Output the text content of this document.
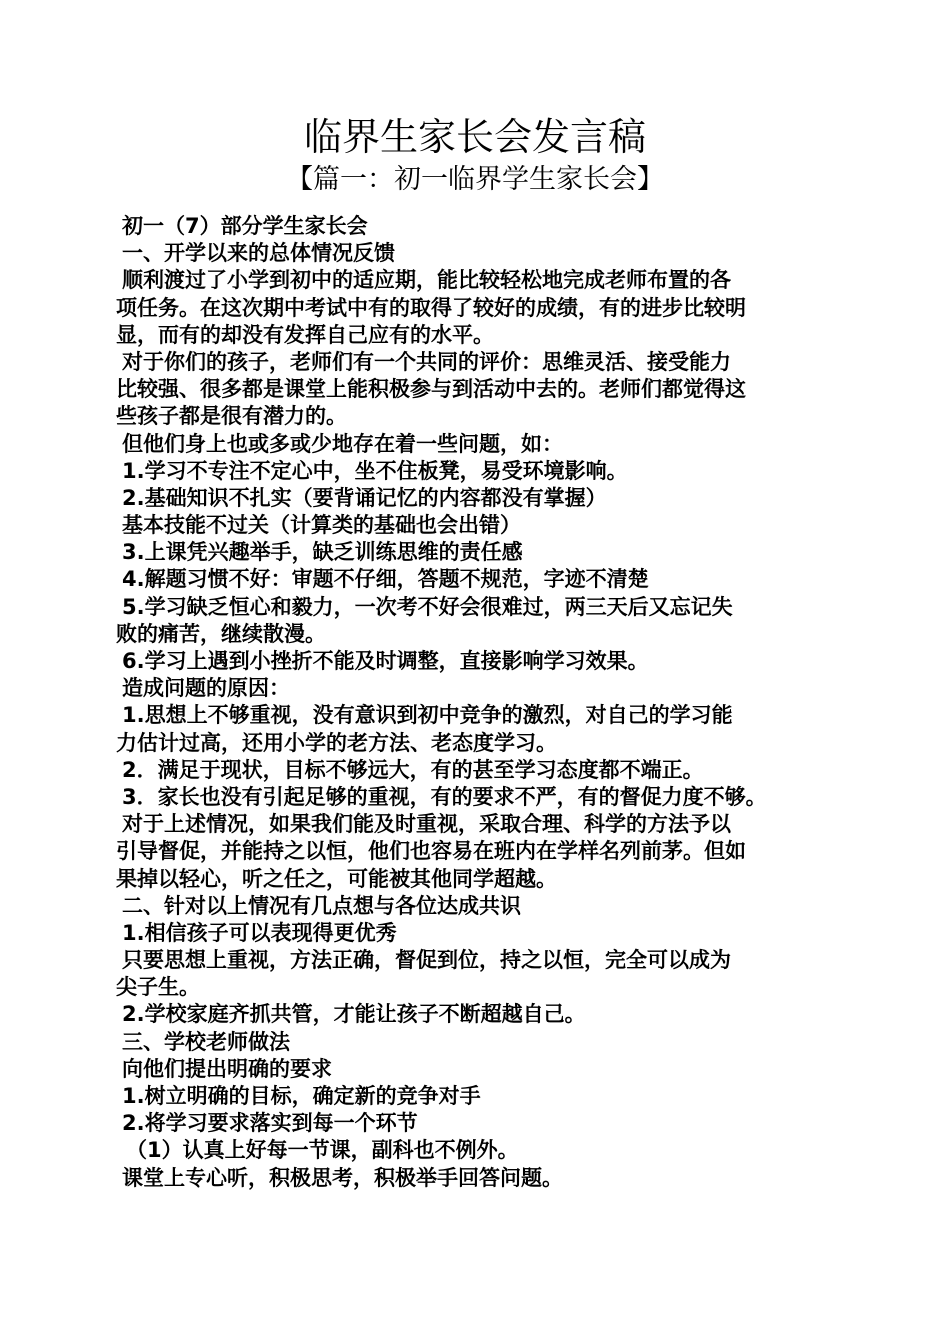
临界生家长会发言稿
【篇一：初一临界学生家长会】
初一（7）部分学生家长会
一、开学以来的总体情况反馈
顺利渡过了小学到初中的适应期，能比较轻松地完成老师布置的各
项任务。在这次期中考试中有的取得了较好的成绩，有的进步比较明
显，而有的却没有发挥自己应有的水平。
对于你们的孩子，老师们有一个共同的评价：思维灵活、接受能力
比较强、很多都是课堂上能积极参与到活动中去的。老师们都觉得这
些孩子都是很有潜力的。
但他们身上也或多或少地存在着一些问题，如：
1.学习不专注不定心中，坐不住板凳，易受环境影响。
2.基础知识不扎实（要背诵记忆的内容都没有掌握）
基本技能不过关（计算类的基础也会出错）
3.上课凭兴趣举手，缺乏训练思维的责任感
4.解题习惯不好：审题不仔细，答题不规范，字迹不清楚
5.学习缺乏恒心和毅力，一次考不好会很难过，两三天后又忘记失
败的痛苦，继续散漫。
6.学习上遇到小挫折不能及时调整，直接影响学习效果。
造成问题的原因：
1.思想上不够重视，没有意识到初中竞争的激烈，对自己的学习能
力估计过高，还用小学的老方法、老态度学习。
2．满足于现状，目标不够远大，有的甚至学习态度都不端正。
3．家长也没有引起足够的重视，有的要求不严，有的督促力度不够。
对于上述情况，如果我们能及时重视，采取合理、科学的方法予以
引导督促，并能持之以恒，他们也容易在班内在学样名列前茅。但如
果掉以轻心，听之任之，可能被其他同学超越。
二、针对以上情况有几点想与各位达成共识
1.相信孩子可以表现得更优秀
只要思想上重视，方法正确，督促到位，持之以恒，完全可以成为
尖子生。
2.学校家庭齐抓共管，才能让孩子不断超越自己。
三、学校老师做法
向他们提出明确的要求
1.树立明确的目标，确定新的竞争对手
2.将学习要求落实到每一个环节
（1）认真上好每一节课，副科也不例外。
课堂上专心听，积极思考，积极举手回答问题。
